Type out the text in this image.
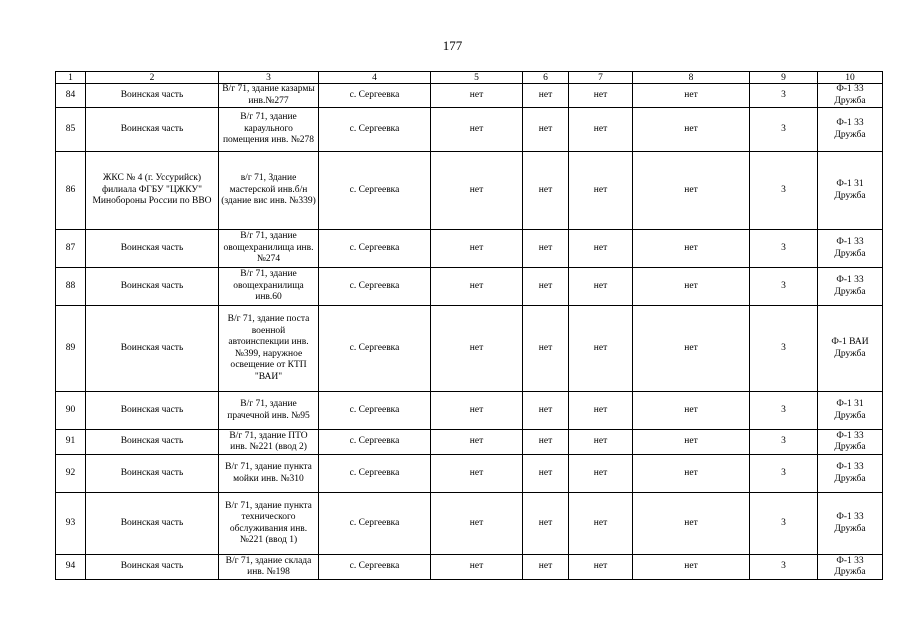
177
1	2	3	4	5	6	7	8	9	10
84	Воинская часть	В/г 71, здание казармы инв.№277	с. Сергеевка	нет	нет	нет	нет	3	Ф-1 33 Дружба
85	Воинская часть	В/г 71, здание караульного помещения инв. №278	с. Сергеевка	нет	нет	нет	нет	3	Ф-1 33 Дружба
86	ЖКС № 4 (г. Уссурийск) филиала ФГБУ "ЦЖКУ" Минобороны России по ВВО	в/г 71, Здание мастерской инв.б/н (здание вис инв. №339)	с. Сергеевка	нет	нет	нет	нет	3	Ф-1 31 Дружба
87	Воинская часть	В/г 71, здание овощехранилища инв. №274	с. Сергеевка	нет	нет	нет	нет	3	Ф-1 33 Дружба
88	Воинская часть	В/г 71, здание овощехранилища инв.60	с. Сергеевка	нет	нет	нет	нет	3	Ф-1 33 Дружба
89	Воинская часть	В/г 71, здание поста военной автоинспекции инв. №399, наружное освещение от КТП "ВАИ"	с. Сергеевка	нет	нет	нет	нет	3	Ф-1 ВАИ Дружба
90	Воинская часть	В/г 71, здание прачечной инв. №95	с. Сергеевка	нет	нет	нет	нет	3	Ф-1 31 Дружба
91	Воинская часть	В/г 71, здание ПТО инв. №221 (ввод 2)	с. Сергеевка	нет	нет	нет	нет	3	Ф-1 33 Дружба
92	Воинская часть	В/г 71, здание пункта мойки инв. №310	с. Сергеевка	нет	нет	нет	нет	3	Ф-1 33 Дружба
93	Воинская часть	В/г 71, здание пункта технического обслуживания инв.№221 (ввод 1)	с. Сергеевка	нет	нет	нет	нет	3	Ф-1 33 Дружба
94	Воинская часть	В/г 71, здание склада инв. №198	с. Сергеевка	нет	нет	нет	нет	3	Ф-1 33 Дружба
